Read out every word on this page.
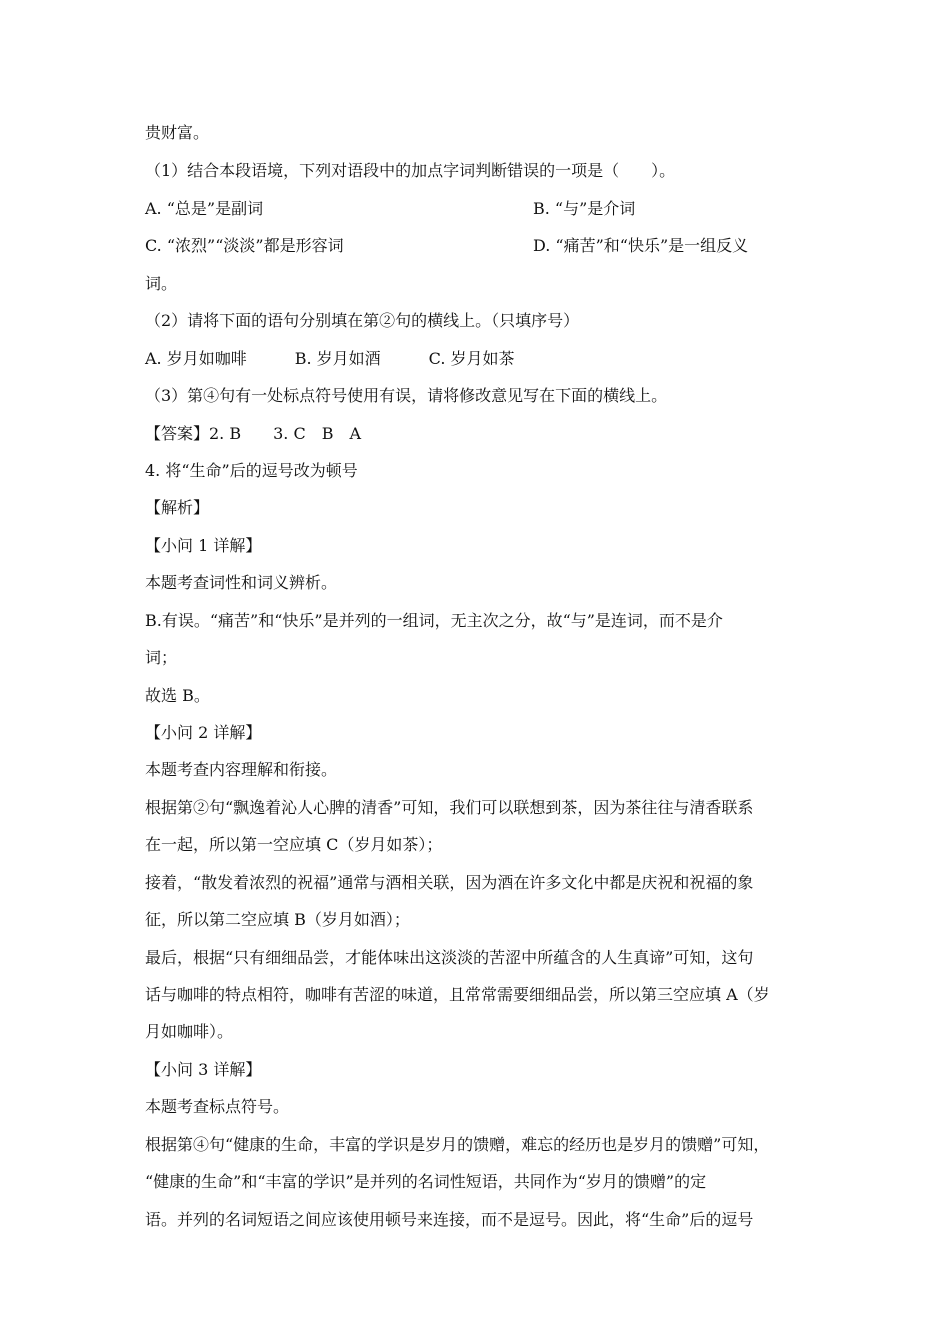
贵财富。
（1）结合本段语境，下列对语段中的加点字词判断错误的一项是（　　）。
A. “总是”是副词	B. “与”是介词
C. “浓烈”“淡淡”都是形容词	D. “痛苦”和“快乐”是一组反义
词。
（2）请将下面的语句分别填在第②句的横线上。（只填序号）
A. 岁月如咖啡　　　B. 岁月如酒　　　C. 岁月如茶
（3）第④句有一处标点符号使用有误，请将修改意见写在下面的横线上。
【答案】2. B　　3. C　B　A
4. 将“生命”后的逗号改为顿号
【解析】
【小问 1 详解】
本题考查词性和词义辨析。
B.有误。“痛苦”和“快乐”是并列的一组词，无主次之分，故“与”是连词，而不是介
词；
故选 B。
【小问 2 详解】
本题考查内容理解和衔接。
根据第②句“飘逸着沁人心脾的清香”可知，我们可以联想到茶，因为茶往往与清香联系
在一起，所以第一空应填 C（岁月如茶）；
接着，“散发着浓烈的祝福”通常与酒相关联，因为酒在许多文化中都是庆祝和祝福的象
征，所以第二空应填 B（岁月如酒）；
最后，根据“只有细细品尝，才能体味出这淡淡的苦涩中所蕴含的人生真谛”可知，这句
话与咖啡的特点相符，咖啡有苦涩的味道，且常常需要细细品尝，所以第三空应填 A（岁
月如咖啡）。
【小问 3 详解】
本题考查标点符号。
根据第④句“健康的生命，丰富的学识是岁月的馈赠，难忘的经历也是岁月的馈赠”可知，
“健康的生命”和“丰富的学识”是并列的名词性短语，共同作为“岁月的馈赠”的定
语。并列的名词短语之间应该使用顿号来连接，而不是逗号。因此，将“生命”后的逗号
